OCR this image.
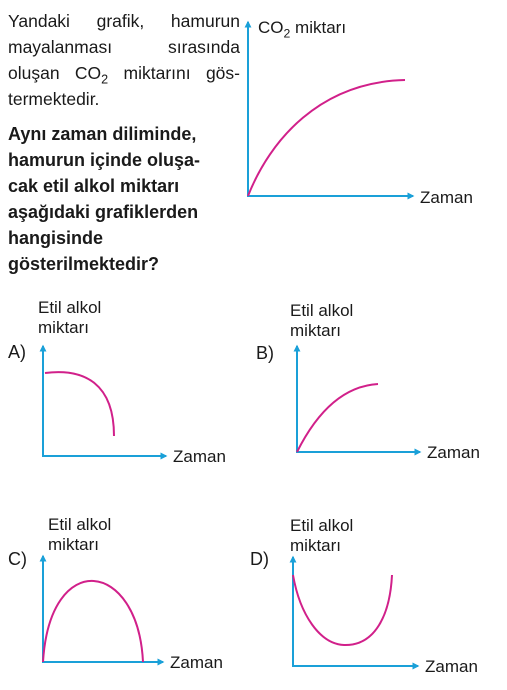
Yandaki grafik, hamurun
mayalanması sırasında
oluşan $CO_2$ miktarını gös-
termektedir.
Aynı zaman diliminde,
hamurun içinde oluşa-
cak etil alkol miktarı
aşağıdaki grafiklerden
hangisinde gösterilmektedir?
$CO_2$ miktarı
Zaman
Etil alkol
miktarı
A)
Zaman
Etil alkol
miktarı
B)
Zaman
Etil alkol
miktarı
C)
Zaman
Etil alkol
miktarı
D)
Zaman
